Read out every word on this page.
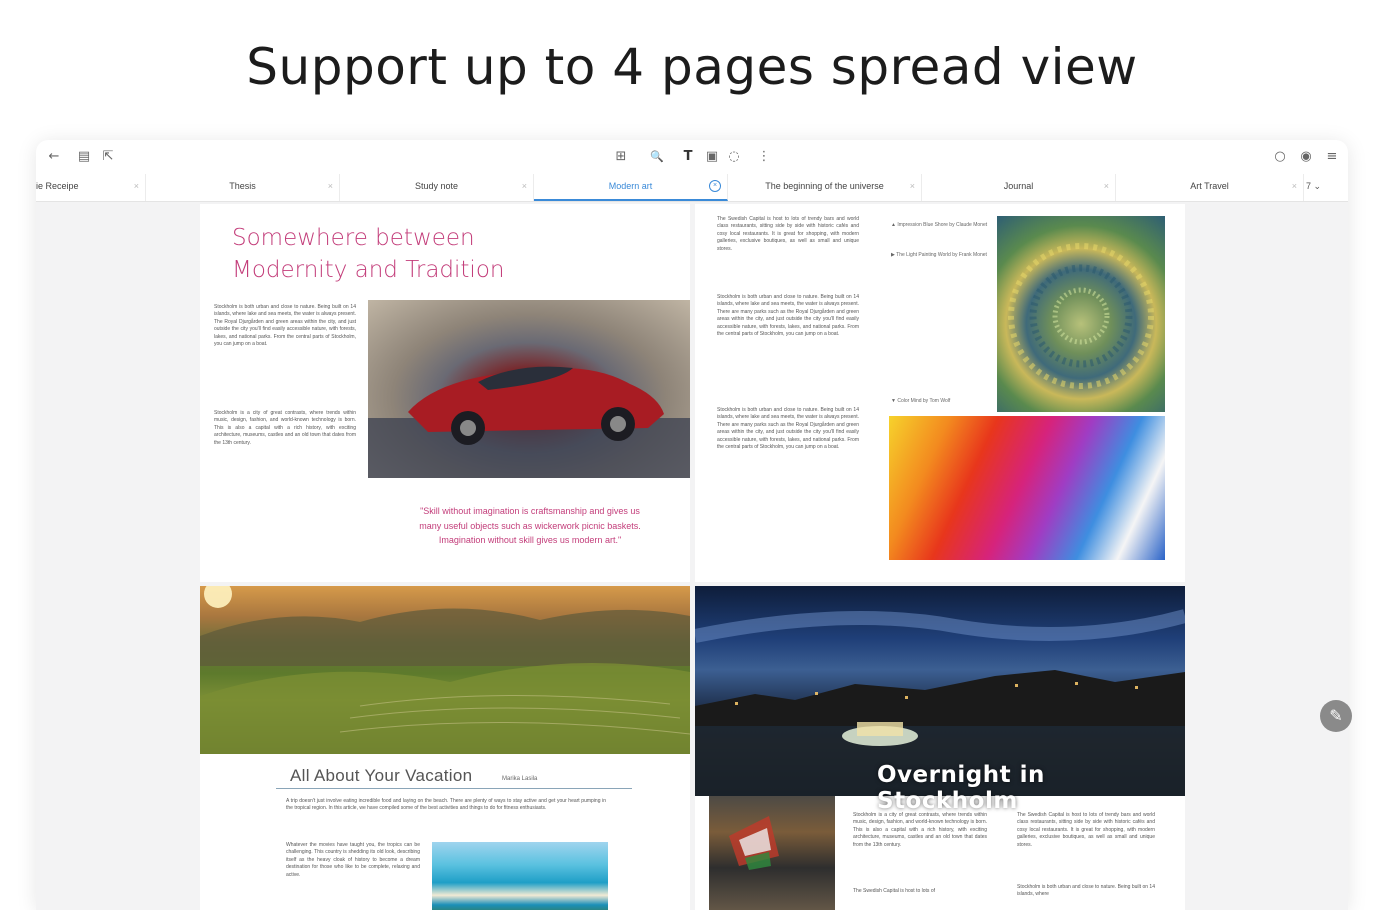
Support up to 4 pages spread view
← ▤ ⇱	⊞ 🔍 T ▣ ◌ ⋮	○ ◉ ≡
ie Receipe	×	Thesis	×	Study note	×	Modern art	×	The beginning of the universe	×	Journal	×	Art Travel	× 7 ⌄
Somewhere between
Modernity and Tradition
Stockholm is both urban and close to nature. Being built on 14 islands, where lake and sea meets, the water is always present. The Royal Djurgården and green areas within the city, and just outside the city you'll find easily accessible nature, with forests, lakes, and national parks. From the central parts of Stockholm, you can jump on a boat.
Stockholm is a city of great contrasts, where trends within music, design, fashion, and world-known technology is born. This is also a capital with a rich history, with exciting architecture, museums, castles and an old town that dates from the 13th century.
"Skill without imagination is craftsmanship and gives us many useful objects such as wickerwork picnic baskets. Imagination without skill gives us modern art."
The Swedish Capital is host to lots of trendy bars and world class restaurants, sitting side by side with historic cafés and cosy local restaurants. It is great for shopping, with modern galleries, exclusive boutiques, as well as small and unique stores.
Stockholm is both urban and close to nature. Being built on 14 islands, where lake and sea meets, the water is always present. There are many parks such as the Royal Djurgården and green areas within the city, and just outside the city you'll find easily accessible nature, with forests, lakes, and national parks. From the central parts of Stockholm, you can jump on a boat.
Stockholm is both urban and close to nature. Being built on 14 islands, where lake and sea meets, the water is always present. There are many parks such as the Royal Djurgården and green areas within the city, and just outside the city you'll find easily accessible nature, with forests, lakes, and national parks. From the central parts of Stockholm, you can jump on a boat.
▲ Impression Blue Shore by Claude Monet
▶ The Light Painting World by Frank Monet
▼ Color Mind by Tom Wolf
All About Your Vacation	Marika Lasila
A trip doesn't just involve eating incredible food and laying on the beach. There are plenty of ways to stay active and get your heart pumping in the tropical region. In this article, we have compiled some of the best activities and things to do for fitness enthusiasts.
Whatever the movies have taught you, the tropics can be challenging. This country is shedding its old look, describing itself as the heavy cloak of history to become a dream destination for those who like to be complete, relaxing and active.
Overnight in Stockholm
Stockholm is a city of great contrasts, where trends within music, design, fashion, and world-known technology is born. This is also a capital with a rich history, with exciting architecture, museums, castles and an old town that dates from the 13th century.
The Swedish Capital is host to lots of
The Swedish Capital is host to lots of trendy bars and world class restaurants, sitting side by side with historic cafés and cosy local restaurants. It is great for shopping, with modern galleries, exclusive boutiques, as well as small and unique stores.
Stockholm is both urban and close to nature. Being built on 14 islands, where
✎
